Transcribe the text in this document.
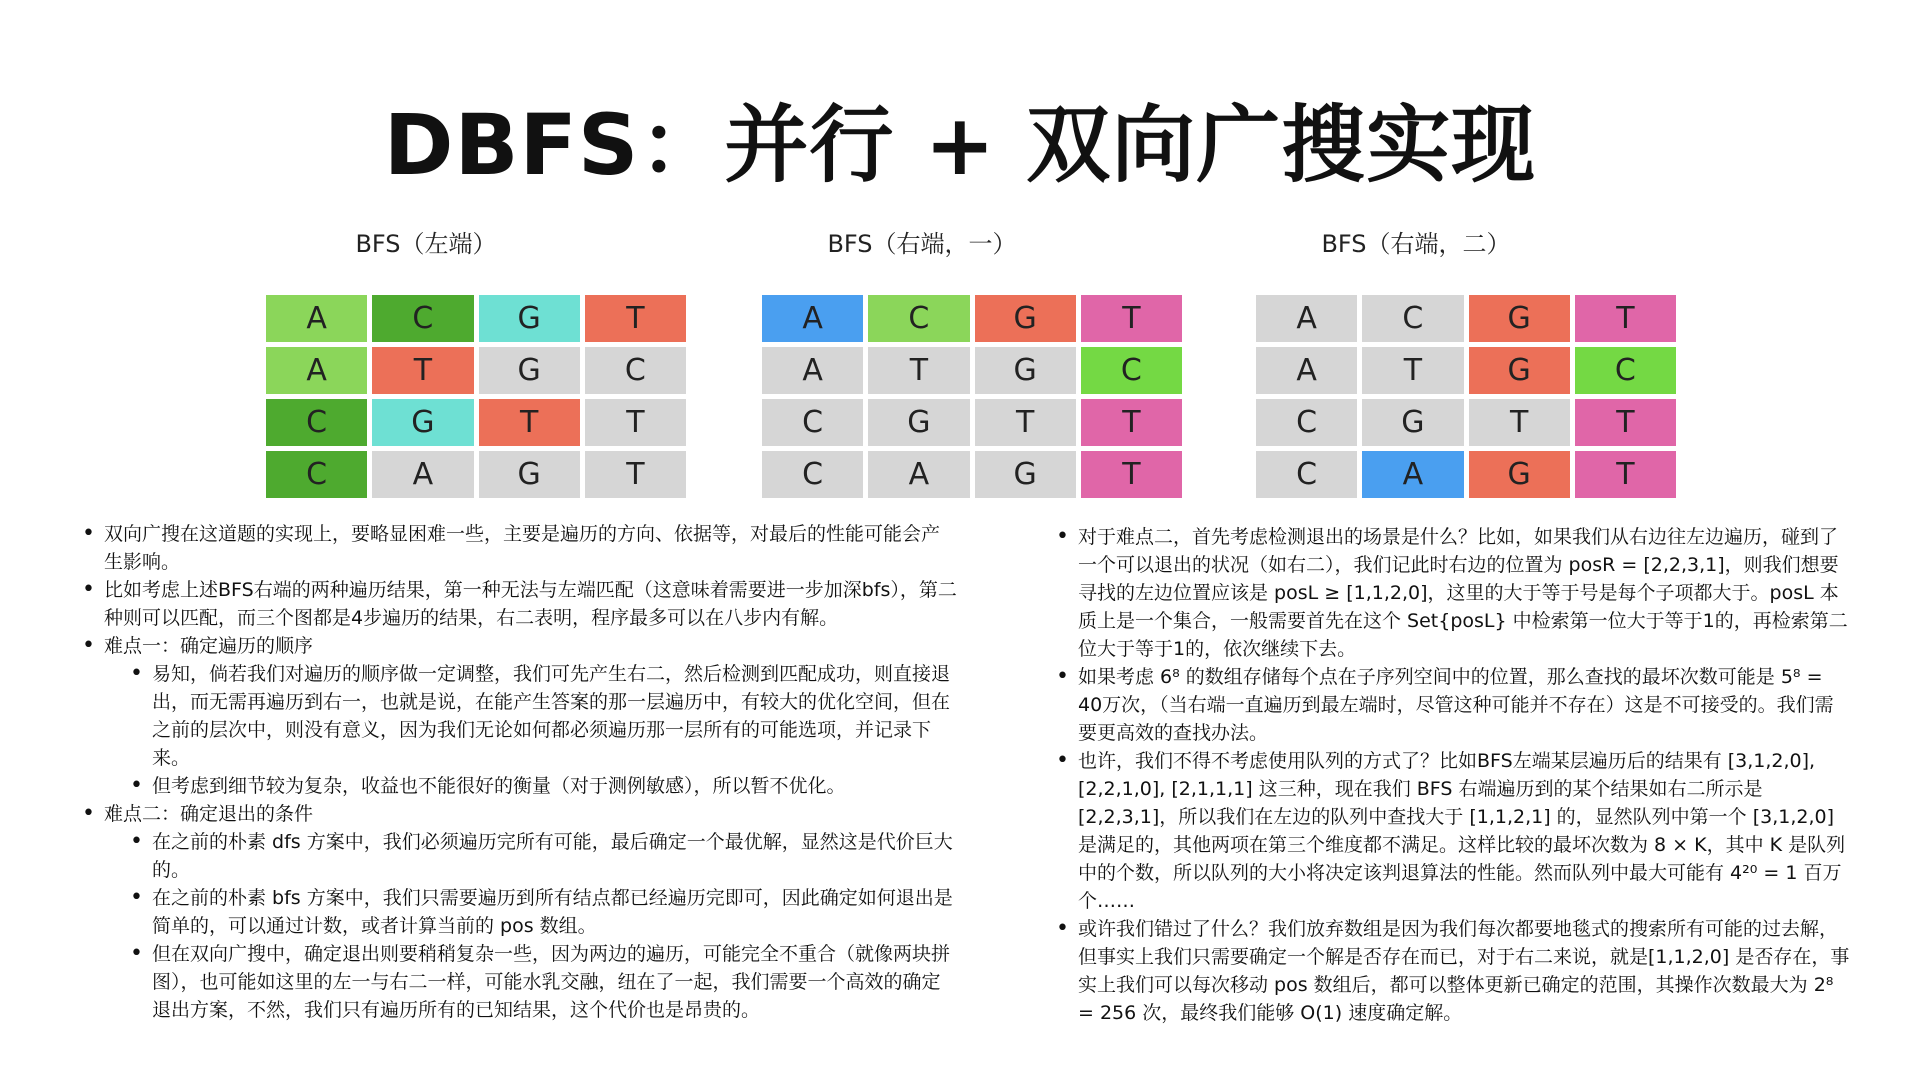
DBFS：并行 + 双向广搜实现
BFS（左端）	BFS（右端，一）	BFS（右端，二）
A	C	G	T
A	T	G	C
C	G	T	T
C	A	G	T
A	C	G	T
A	T	G	C
C	G	T	T
C	A	G	T
A	C	G	T
A	T	G	C
C	G	T	T
C	A	G	T
• 双向广搜在这道题的实现上，要略显困难一些，主要是遍历的方向、依据等，对最后的性能可能会产生影响。
• 比如考虑上述BFS右端的两种遍历结果，第一种无法与左端匹配（这意味着需要进一步加深bfs），第二种则可以匹配，而三个图都是4步遍历的结果，右二表明，程序最多可以在八步内有解。
• 难点一：确定遍历的顺序
• 易知，倘若我们对遍历的顺序做一定调整，我们可先产生右二，然后检测到匹配成功，则直接退出，而无需再遍历到右一，也就是说，在能产生答案的那一层遍历中，有较大的优化空间，但在之前的层次中，则没有意义，因为我们无论如何都必须遍历那一层所有的可能选项，并记录下来。
• 但考虑到细节较为复杂，收益也不能很好的衡量（对于测例敏感），所以暂不优化。
• 难点二：确定退出的条件
• 在之前的朴素 dfs 方案中，我们必须遍历完所有可能，最后确定一个最优解，显然这是代价巨大的。
• 在之前的朴素 bfs 方案中，我们只需要遍历到所有结点都已经遍历完即可，因此确定如何退出是简单的，可以通过计数，或者计算当前的 pos 数组。
• 但在双向广搜中，确定退出则要稍稍复杂一些，因为两边的遍历，可能完全不重合（就像两块拼图），也可能如这里的左一与右二一样，可能水乳交融，纽在了一起，我们需要一个高效的确定退出方案，不然，我们只有遍历所有的已知结果，这个代价也是昂贵的。
• 对于难点二，首先考虑检测退出的场景是什么？比如，如果我们从右边往左边遍历，碰到了一个可以退出的状况（如右二），我们记此时右边的位置为 posR = [2,2,3,1]，则我们想要寻找的左边位置应该是 posL ≥ [1,1,2,0]，这里的大于等于号是每个子项都大于。posL 本质上是一个集合，一般需要首先在这个 Set{posL} 中检索第一位大于等于1的，再检索第二位大于等于1的，依次继续下去。
• 如果考虑 6⁸ 的数组存储每个点在子序列空间中的位置，那么查找的最坏次数可能是 5⁸ = 40万次，（当右端一直遍历到最左端时，尽管这种可能并不存在）这是不可接受的。我们需要更高效的查找办法。
• 也许，我们不得不考虑使用队列的方式了？比如BFS左端某层遍历后的结果有 [3,1,2,0], [2,2,1,0], [2,1,1,1] 这三种，现在我们 BFS 右端遍历到的某个结果如右二所示是 [2,2,3,1]，所以我们在左边的队列中查找大于 [1,1,2,1] 的，显然队列中第一个 [3,1,2,0] 是满足的，其他两项在第三个维度都不满足。这样比较的最坏次数为 8 × K，其中 K 是队列中的个数，所以队列的大小将决定该判退算法的性能。然而队列中最大可能有 4²⁰ = 1 百万个……
• 或许我们错过了什么？我们放弃数组是因为我们每次都要地毯式的搜索所有可能的过去解，但事实上我们只需要确定一个解是否存在而已，对于右二来说，就是[1,1,2,0] 是否存在，事实上我们可以每次移动 pos 数组后，都可以整体更新已确定的范围，其操作次数最大为 2⁸ = 256 次，最终我们能够 O(1) 速度确定解。
